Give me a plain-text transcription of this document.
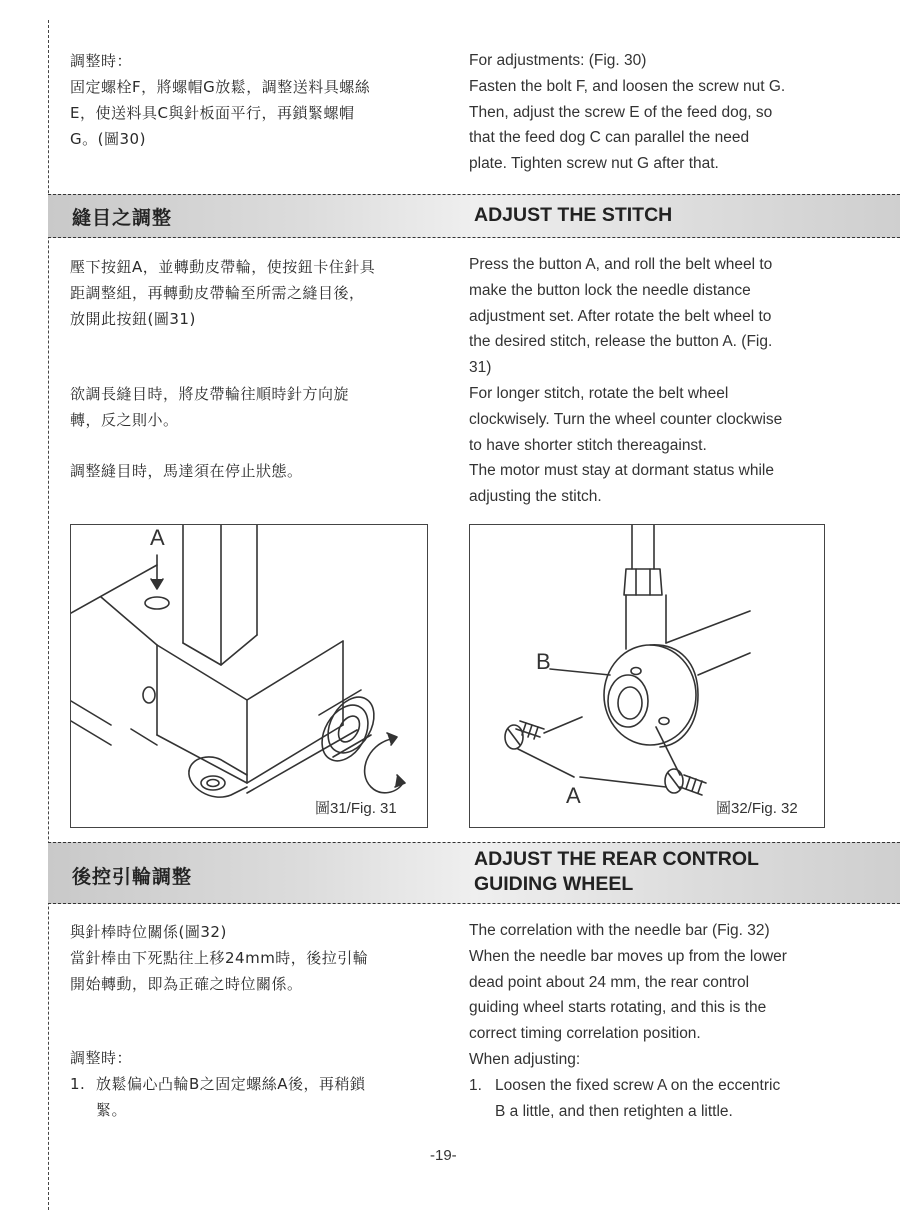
調整時：

固定螺栓F，將螺帽G放鬆，調整送料具螺絲

E，使送料具C與針板面平行，再鎖緊螺帽

G。(圖30)

For adjustments: (Fig. 30)

Fasten the bolt F, and loosen the screw nut G.

Then, adjust the screw E of the feed dog, so

that the feed dog C can parallel the need

plate. Tighten screw nut G after that.

縫目之調整	ADJUST THE STITCH

壓下按鈕A，並轉動皮帶輪，使按鈕卡住針具

距調整組，再轉動皮帶輪至所需之縫目後，

放開此按鈕(圖31)

欲調長縫目時，將皮帶輪往順時針方向旋

轉，反之則小。

調整縫目時，馬達須在停止狀態。

Press the button A, and roll the belt wheel to

make the button lock the needle distance

adjustment set. After rotate the belt wheel to

the desired stitch, release the button A. (Fig.

31)

For longer stitch, rotate the belt wheel

clockwisely. Turn the wheel counter clockwise

to have shorter stitch thereagainst.

The motor must stay at dormant status while

adjusting the stitch.

A
圖31/Fig. 31
B
A
圖32/Fig. 32
後控引輪調整
ADJUST THE REAR CONTROL
GUIDING WHEEL

與針棒時位關係(圖32)

當針棒由下死點往上移24mm時，後拉引輪

開始轉動，即為正確之時位關係。

調整時：

1. 放鬆偏心凸輪B之固定螺絲A後，再稍鎖

緊。

The correlation with the needle bar (Fig. 32)

When the needle bar moves up from the lower

dead point about 24 mm, the rear control

guiding wheel starts rotating, and this is the

correct timing correlation position.

When adjusting:

1. Loosen the fixed screw A on the eccentric

B a little, and then retighten a little.

-19-
